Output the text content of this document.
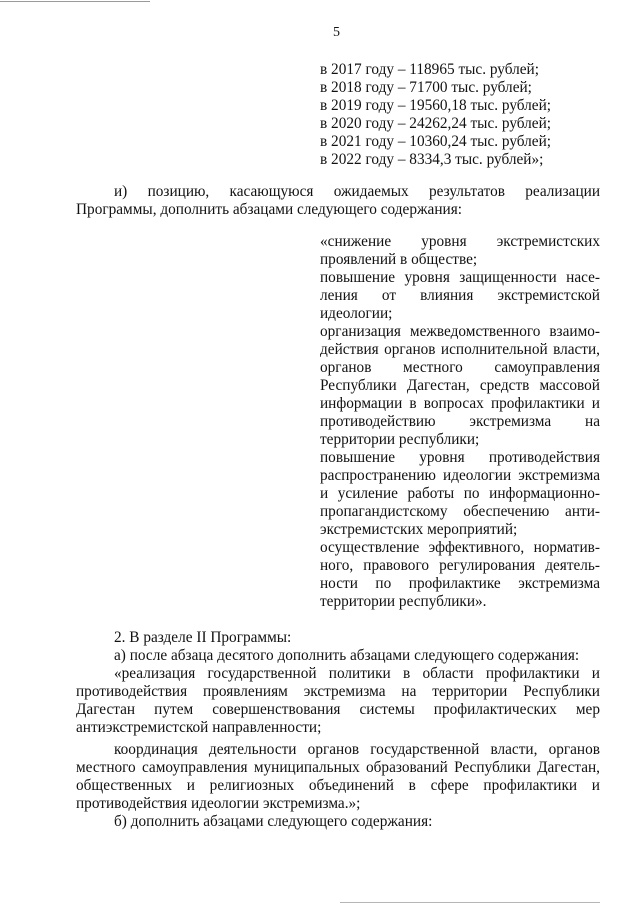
5
в 2017 году – 118965 тыс. рублей;
в 2018 году – 71700 тыс. рублей;
в 2019 году – 19560,18 тыс. рублей;
в 2020 году – 24262,24 тыс. рублей;
в 2021 году – 10360,24 тыс. рублей;
в 2022 году – 8334,3 тыс. рублей»;
и) позицию, касающуюся ожидаемых результатов реализации
Программы, дополнить абзацами следующего содержания:
«снижение уровня экстремистских
проявлений в обществе;
повышение уровня защищенности насе-
ления от влияния экстремистской
идеологии;
организация межведомственного взаимо-
действия органов исполнительной власти,
органов местного самоуправления
Республики Дагестан, средств массовой
информации в вопросах профилактики и
противодействию экстремизма на
территории республики;
повышение уровня противодействия
распространению идеологии экстремизма
и усиление работы по информационно-
пропагандистскому обеспечению анти-
экстремистских мероприятий;
осуществление эффективного, норматив-
ного, правового регулирования деятель-
ности по профилактике экстремизма
территории республики».
2. В разделе II Программы:
а) после абзаца десятого дополнить абзацами следующего содержания:
«реализация государственной политики в области профилактики и
противодействия проявлениям экстремизма на территории Республики
Дагестан путем совершенствования системы профилактических мер
антиэкстремистской направленности;
координация деятельности органов государственной власти, органов
местного самоуправления муниципальных образований Республики Дагестан,
общественных и религиозных объединений в сфере профилактики и
противодействия идеологии экстремизма.»;
б) дополнить абзацами следующего содержания:
